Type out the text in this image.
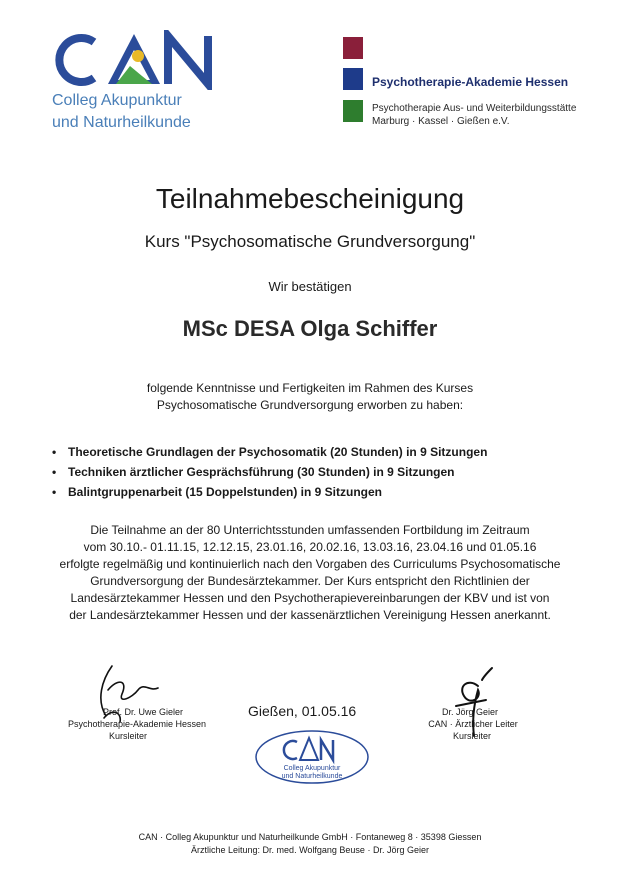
Colleg Akupunktur
und Naturheilkunde
Psychotherapie-Akademie Hessen
Psychotherapie Aus- und Weiterbildungsstätte
Marburg · Kassel · Gießen e.V.
Teilnahmebescheinigung
Kurs "Psychosomatische Grundversorgung"
Wir bestätigen
MSc DESA Olga Schiffer
folgende Kenntnisse und Fertigkeiten im Rahmen des Kurses
Psychosomatische Grundversorgung erworben zu haben:
• Theoretische Grundlagen der Psychosomatik (20 Stunden) in 9 Sitzungen
• Techniken ärztlicher Gesprächsführung (30 Stunden) in 9 Sitzungen
• Balintgruppenarbeit (15 Doppelstunden) in 9 Sitzungen
Die Teilnahme an der 80 Unterrichtsstunden umfassenden Fortbildung im Zeitraum
vom 30.10.- 01.11.15, 12.12.15, 23.01.16, 20.02.16, 13.03.16, 23.04.16 und 01.05.16
erfolgte regelmäßig und kontinuierlich nach den Vorgaben des Curriculums Psychosomatische
Grundversorgung der Bundesärztekammer. Der Kurs entspricht den Richtlinien der
Landesärztekammer Hessen und den Psychotherapievereinbarungen der KBV und ist von
der Landesärztekammer Hessen und der kassenärztlichen Vereinigung Hessen anerkannt.
Prof. Dr. Uwe Gieler
Psychotherapie-Akademie Hessen
Kursleiter
Gießen, 01.05.16
Colleg Akupunktur
und Naturheilkunde
Dr. Jörg Geier
CAN · Ärztlicher Leiter
Kursleiter
CAN · Colleg Akupunktur und Naturheilkunde GmbH · Fontaneweg 8 · 35398 Giessen
Ärztliche Leitung: Dr. med. Wolfgang Beuse · Dr. Jörg Geier
